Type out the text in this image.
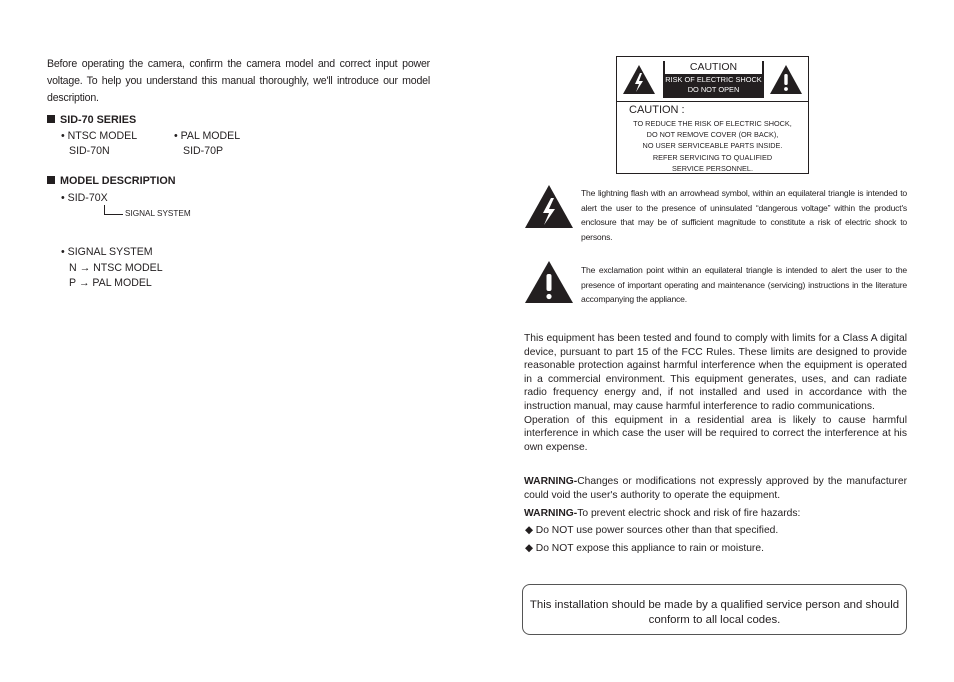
Before operating the camera, confirm the camera model and correct input power voltage. To help you understand this manual thoroughly, we'll introduce our model description.
SID-70 SERIES
• NTSC MODEL
SID-70N
• PAL MODEL
SID-70P
MODEL DESCRIPTION
• SID-70X
SIGNAL SYSTEM
• SIGNAL SYSTEM
N → NTSC MODEL
P → PAL MODEL
CAUTION
RISK OF ELECTRIC SHOCK
DO NOT OPEN
CAUTION :
TO REDUCE THE RISK OF ELECTRIC SHOCK,
DO NOT REMOVE COVER (OR BACK),
NO USER SERVICEABLE PARTS INSIDE.
REFER SERVICING TO QUALIFIED
SERVICE PERSONNEL.
The lightning flash with an arrowhead symbol, within an equilateral triangle is intended to alert the user to the presence of uninsulated “dangerous voltage” within the product's enclosure that may be of sufficient magnitude to constitute a risk of electric shock to persons.
The exclamation point within an equilateral triangle is intended to alert the user to the presence of important operating and maintenance (servicing) instructions in the literature accompanying the appliance.

This equipment has been tested and found to comply with limits for a Class A digital device, pursuant to part 15 of the FCC Rules. These limits are designed to provide reasonable protection against harmful interference when the equipment is operated in a commercial environment. This equipment generates, uses, and can radiate radio frequency energy and, if not installed and used in accordance with the instruction manual, may cause harmful interference to radio communications.

Operation of this equipment in a residential area is likely to cause harmful interference in which case the user will be required to correct the interference at his own expense.

WARNING-Changes or modifications not expressly approved by the manufacturer could void the user's authority to operate the equipment.
WARNING-To prevent electric shock and risk of fire hazards:
◆ Do NOT use power sources other than that specified.
◆ Do NOT expose this appliance to rain or moisture.
This installation should be made by a qualified service person and should conform to all local codes.
